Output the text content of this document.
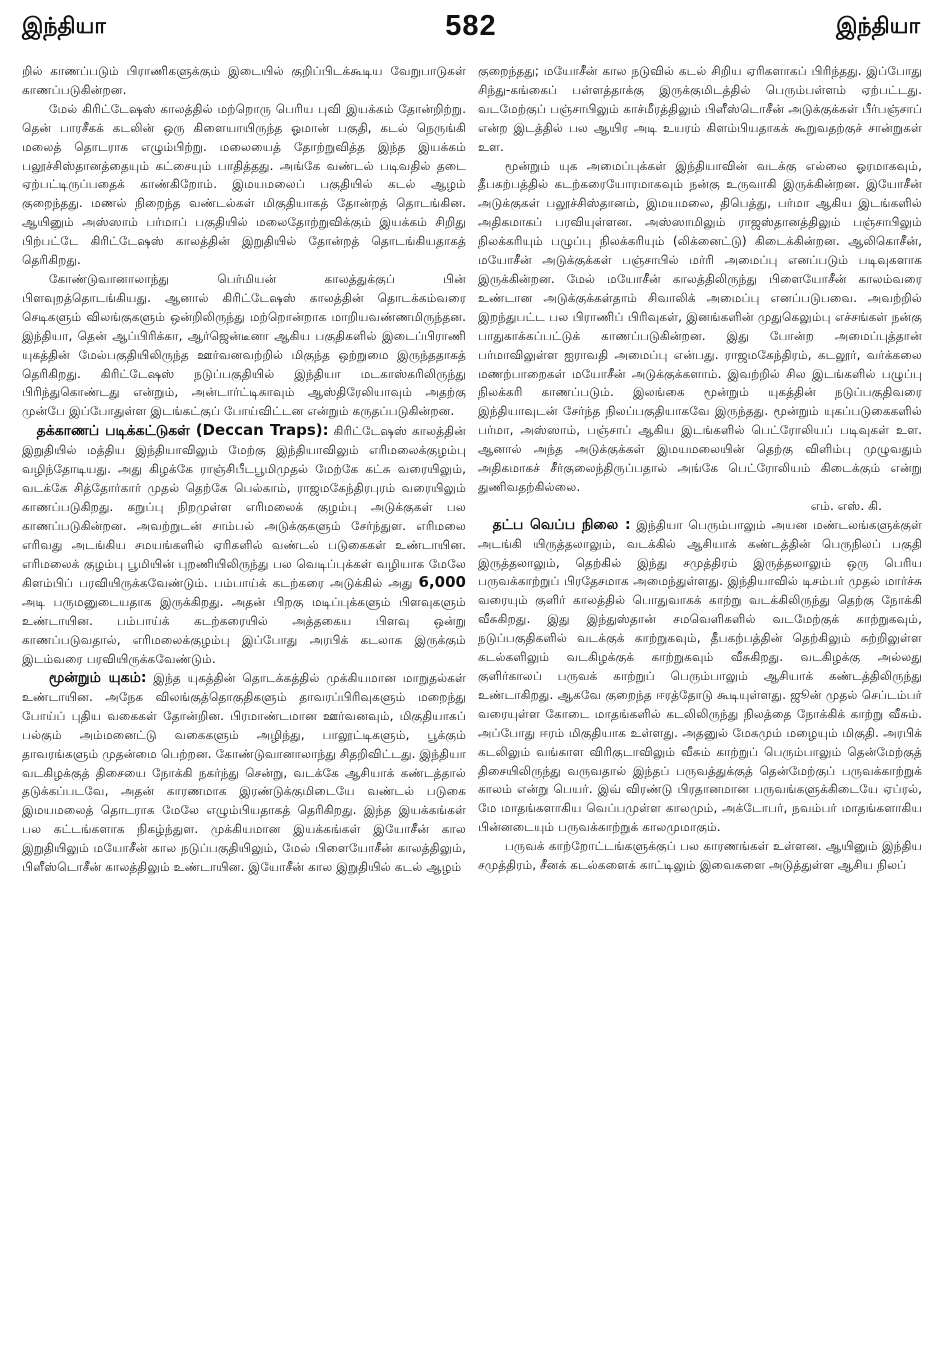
இந்தியா	582	இந்தியா

றில் காணப்படும் பிராணிகளுக்கும் இடையில் குறிப்பிடக்கூடிய வேறுபாடுகள் காணப்படுகின்றன.

மேல் கிரிட்டேஷஸ் காலத்தில் மற்றொரு பெரிய புவி இயக்கம் தோன்றிற்று. தென் பாரசீகக் கடலின் ஒரு கிளையாயிருந்த ஓமான் பகுதி, கடல் நெருங்கி மலைத் தொடராக எழும்பிற்று. மலையைத் தோற்றுவித்த இந்த இயக்கம் பலூச்சிஸ்தானத்தையும் கட்சையும் பாதித்தது. அங்கே வண்டல் படிவதில் தடை ஏற்பட்டிருப்பதைக் காண்கிறோம். இமயமலைப் பகுதியில் கடல் ஆழம் குறைந்தது. மணல் நிறைந்த வண்டல்கள் மிகுதியாகத் தோன்றத் தொடங்கின. ஆயினும் அஸ்ஸாம் பர்மாப் பகுதியில் மலைதோற்றுவிக்கும் இயக்கம் சிறிது பிற்பட்டே கிரிட்டேஷஸ் காலத்தின் இறுதியில் தோன்றத் தொடங்கியதாகத் தெரிகிறது.

கோண்டுவானாலாந்து பெர்மியன் காலத்துக்குப் பின் பிளவுறத்தொடங்கியது. ஆனால் கிரிட்டேஷஸ் காலத்தின் தொடக்கம்வரை செடிகளும் விலங்குகளும் ஒன்றிலிருந்து மற்றொன்றாக மாறியவண்ணமிருந்தன. இந்தியா, தென் ஆப்பிரிக்கா, ஆர்ஜென்டீனா ஆகிய பகுதிகளில் இடைப்பிராணி யுகத்தின் மேல்பகுதியிலிருந்த ஊர்வனவற்றில் மிகுந்த ஒற்றுமை இருந்ததாகத் தெரிகிறது. கிரிட்டேஷஸ் நடுப்பகுதியில் இந்தியா மடகாஸ்கரிலிருந்து பிரிந்துகொண்டது என்றும், அன்டார்ட்டிகாவும் ஆஸ்திரேலியாவும் அதற்கு முன்பே இப்போதுள்ள இடங்கட்குப் போய்விட்டன என்றும் கருதப்படுகின்றன.

தக்காணப் படிக்கட்டுகள் (Deccan Traps): கிரிட்டேஷஸ் காலத்தின் இறுதியில் மத்திய இந்தியாவிலும் மேற்கு இந்தியாவிலும் எரிமலைக்குழம்பு வழிந்தோடியது. அது கிழக்கே ராஞ்சிபீடபூமிமுதல் மேற்கே கட்சு வரையிலும், வடக்கே சித்தோர்கார் முதல் தெற்கே பெல்காம், ராஜமகேந்திரபுரம் வரையிலும் காணப்படுகிறது. கறுப்பு நிறமுள்ள எரிமலைக் குழம்பு அடுக்குகள் பல காணப்படுகின்றன. அவற்றுடன் சாம்பல் அடுக்குகளும் சேர்ந்துள. எரிமலை எரிவது அடங்கிய சமயங்களில் ஏரிகளில் வண்டல் படுகைகள் உண்டாயின. எரிமலைக் குழம்பு பூமியின் புறணியிலிருந்து பல வெடிப்புக்கள் வழியாக மேலே கிளம்பிப் பரவியிருக்கவேண்டும். பம்பாய்க் கடற்கரை அடுக்கில் அது 6,000 அடி பருமனுடையதாக இருக்கிறது. அதன் பிறகு மடிப்புக்களும் பிளவுகளும் உண்டாயின. பம்பாய்க் கடற்கரையில் அத்தகைய பிளவு ஒன்று காணப்படுவதால், எரிமலைக்குழம்பு இப்போது அரபிக் கடலாக இருக்கும் இடம்வரை பரவியிருக்கவேண்டும்.

மூன்றும் யுகம்: இந்த யுகத்தின் தொடக்கத்தில் முக்கியமான மாறுதல்கள் உண்டாயின. அநேக விலங்குத்தொகுதிகளும் தாவரப்பிரிவுகளும் மறைந்து போய்ப் புதிய வகைகள் தோன்றின. பிரமாண்டமான ஊர்வனவும், மிகுதியாகப் பல்கும் அம்மனைட்டு வகைகளும் அழிந்து, பாலூட்டிகளும், பூக்கும் தாவரங்களும் முதன்மை பெற்றன. கோண்டுவானாலாந்து சிதறிவிட்டது. இந்தியா வடகிழக்குத் திசையை நோக்கி நகர்ந்து சென்று, வடக்கே ஆசியாக் கண்டத்தால் தடுக்கப்படவே, அதன் காரணமாக இரண்டுக்குமிடையே வண்டல் படுகை இமயமலைத் தொடராக மேலே எழும்பியதாகத் தெரிகிறது. இந்த இயக்கங்கள் பல கட்டங்களாக நிகழ்ந்துள. முக்கியமான இயக்கங்கள் இயோசீன் கால இறுதியிலும் மயோசீன் கால நடுப்பகுதியிலும், மேல் பிளையோசீன் காலத்திலும், பிளீஸ்டொசீன் காலத்திலும் உண்டாயின. இயோசீன் கால இறுதியில் கடல் ஆழம்

குறைந்தது; மயோசீன் கால நடுவில் கடல் சிறிய ஏரிகளாகப் பிரிந்தது. இப்போது சிந்து-கங்கைப் பள்ளத்தாக்கு இருக்குமிடத்தில் பெரும்பள்ளம் ஏற்பட்டது. வடமேற்குப் பஞ்சாபிலும் காச்மீரத்திலும் பிளீஸ்டொசீன் அடுக்குக்கள் பீர்பஞ்சாப் என்ற இடத்தில் பல ஆயிர அடி உயரம் கிளம்பியதாகக் கூறுவதற்குச் சான்றுகள் உள.

மூன்றும் யுக அமைப்புக்கள் இந்தியாவின் வடக்கு எல்லை ஓரமாகவும், தீபகற்பத்தில் கடற்கரையோரமாகவும் நன்கு உருவாகி இருக்கின்றன. இயோசீன் அடுக்குகள் பலூச்சிஸ்தானம், இமயமலை, திபெத்து, பர்மா ஆகிய இடங்களில் அதிகமாகப் பரவியுள்ளன. அஸ்ஸாமிலும் ராஜஸ்தானத்திலும் பஞ்சாபிலும் நிலக்கரியும் பழுப்பு நிலக்கரியும் (லிக்னைட்டு) கிடைக்கின்றன. ஆலிகொசீன், மயோசீன் அடுக்குக்கள் பஞ்சாபில் மர்ரி அமைப்பு எனப்படும் படிவுகளாக இருக்கின்றன. மேல் மயோசீன் காலத்திலிருந்து பிளையோசீன் காலம்வரை உண்டான அடுக்குக்கள்தாம் சிவாலிக் அமைப்பு எனப்படுபவை. அவற்றில் இறந்துபட்ட பல பிராணிப் பிரிவுகள், இனங்களின் முதுகெலும்பு எச்சங்கள் நன்கு பாதுகாக்கப்பட்டுக் காணப்படுகின்றன. இது போன்ற அமைப்புத்தான் பர்மாவிலுள்ள ஐராவதி அமைப்பு என்பது. ராஜமகேந்திரம், கடலூர், வர்க்கலை மணற்பாறைகள் மயோசீன் அடுக்குக்களாம். இவற்றில் சில இடங்களில் பழுப்பு நிலக்கரி காணப்படும். இலங்கை மூன்றும் யுகத்தின் நடுப்பகுதிவரை இந்தியாவுடன் சேர்ந்த நிலப்பகுதியாகவே இருந்தது. மூன்றும் யுகப்படுகைகளில் பர்மா, அஸ்ஸாம், பஞ்சாப் ஆகிய இடங்களில் பெட்ரோலியப் படிவுகள் உள. ஆனால் அந்த அடுக்குக்கள் இமயமலையின் தெற்கு விளிம்பு முழுவதும் அதிகமாகச் சீர்குலைந்திருப்பதால் அங்கே பெட்ரோலியம் கிடைக்கும் என்று துணிவதற்கில்லை.

எம். எஸ். கி.

தட்ப வெப்ப நிலை : இந்தியா பெரும்பாலும் அயன மண்டலங்களுக்குள் அடங்கி யிருத்தலாலும், வடக்கில் ஆசியாக் கண்டத்தின் பெருநிலப் பகுதி இருத்தலாலும், தெற்கில் இந்து சமுத்திரம் இருத்தலாலும் ஒரு பெரிய பருவக்காற்றுப் பிரதேசமாக அமைந்துள்ளது. இந்தியாவில் டிசம்பர் முதல் மார்ச்சு வரையும் குளிர் காலத்தில் பொதுவாகக் காற்று வடக்கிலிருந்து தெற்கு நோக்கி வீசுகிறது. இது இந்துஸ்தான் சமவெளிகளில் வடமேற்குக் காற்றுகவும், நடுப்பகுதிகளில் வடக்குக் காற்றுகவும், தீபகற்பத்தின் தெற்கிலும் சுற்றிலுள்ள கடல்களிலும் வடகிழக்குக் காற்றுகவும் வீசுகிறது. வடகிழக்கு அல்லது குளிர்காலப் பருவக் காற்றுப் பெரும்பாலும் ஆசியாக் கண்டத்திலிருந்து உண்டாகிறது. ஆகவே குறைந்த ஈரத்தோடு கூடியுள்ளது. ஜூன் முதல் செப்டம்பர் வரையுள்ள கோடை மாதங்களில் கடலிலிருந்து நிலத்தை நோக்கிக் காற்று வீசும். அப்போது ஈரம் மிகுதியாக உள்ளது. அதனுல் மேகமும் மழையும் மிகுதி. அரபிக் கடலிலும் வங்காள விரிகுடாவிலும் வீசும் காற்றுப் பெரும்பாலும் தென்மேற்குத் திசையிலிருந்து வருவதால் இந்தப் பருவத்துக்குத் தென்மேற்குப் பருவக்காற்றுக் காலம் என்று பெயர். இவ் விரண்டு பிரதானமான பருவங்களுக்கிடையே ஏப்ரல், மே மாதங்களாகிய வெப்பமுள்ள காலமும், அக்டோபர், நவம்பர் மாதங்களாகிய பின்னடையும் பருவக்காற்றுக் காலமுமாகும்.

பருவக் காற்றோட்டங்களுக்குப் பல காரணங்கள் உள்ளன. ஆயினும் இந்திய சமுத்திரம், சீனக் கடல்களைக் காட்டிலும் இவைகளை அடுத்துள்ள ஆசிய நிலப்
